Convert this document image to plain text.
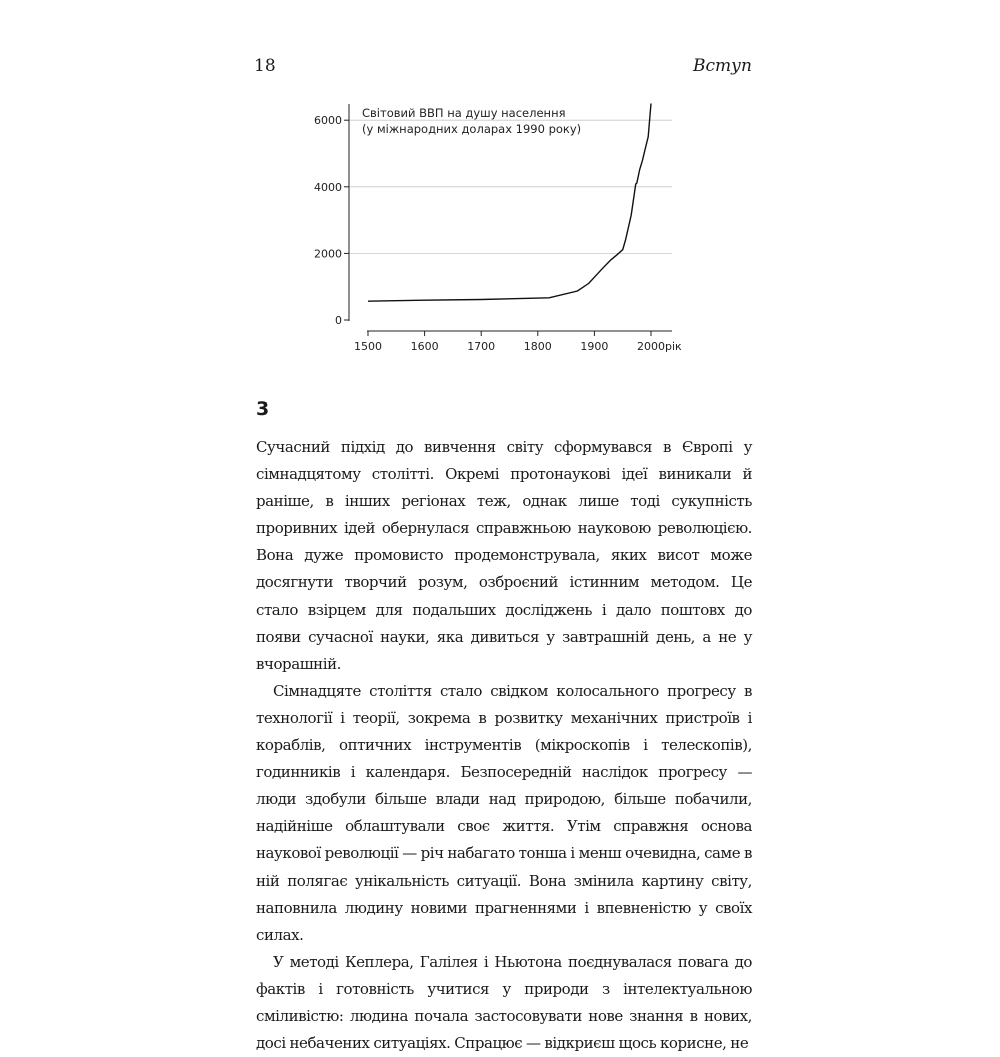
18	Вступ
0
2000
4000
6000
1500	1600	1700	1800	1900	2000
Світовий ВВП на душу населення
(у міжнародних доларах 1990 року)
рік
3

Сучасний підхід до вивчення світу сформувався в Європі у сімнадцятому столітті. Окремі протонаукові ідеї виникали й раніше, в інших регіонах теж, однак лише тоді сукупність проривних ідей обернулася справжньою науковою революцією. Вона дуже промовисто продемонструвала, яких висот може досягнути творчий розум, озброєний істинним методом. Це стало взірцем для подальших досліджень і дало поштовх до появи сучасної науки, яка дивиться у завтрашній день, а не у вчорашній.

Сімнадцяте століття стало свідком колосального прогресу в технології і теорії, зокрема в розвитку механічних пристроїв і кораблів, оптичних інструментів (мікроскопів і телескопів), годинників і календаря. Безпосередній наслідок прогресу — люди здобули більше влади над природою, більше побачили, надійніше облаштували своє життя. Утім справжня основа наукової революції — річ набагато тонша і менш очевидна, саме в ній полягає унікальність ситуації. Вона змінила картину світу, наповнила людину новими прагненнями і впевненістю у своїх силах.

У методі Кеплера, Галілея і Ньютона поєднувалася повага до фактів і готовність учитися у природи з інтелектуальною сміливістю: людина почала застосовувати нове знання в нових, досі небачених ситуаціях. Спрацює — відкриєш щось корисне, не
